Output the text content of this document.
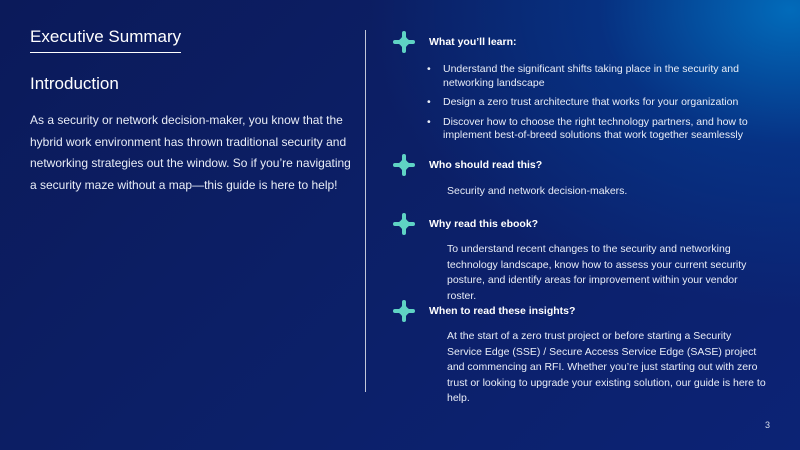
Executive Summary
Introduction

As a security or network decision-maker, you know that the hybrid work environment has thrown traditional security and networking strategies out the window. So if you’re navigating a security maze without a map—this guide is here to help!

What you’ll learn:
• Understand the significant shifts taking place in the security and networking landscape
• Design a zero trust architecture that works for your organization
• Discover how to choose the right technology partners, and how to implement best-of-breed solutions that work together seamlessly
Who should read this?

Security and network decision-makers.

Why read this ebook?

To understand recent changes to the security and networking technology landscape, know how to assess your current security posture, and identify areas for improvement within your vendor roster.

When to read these insights?

At the start of a zero trust project or before starting a Security Service Edge (SSE) / Secure Access Service Edge (SASE) project and commencing an RFI. Whether you’re just starting out with zero trust or looking to upgrade your existing solution, our guide is here to help.

3
